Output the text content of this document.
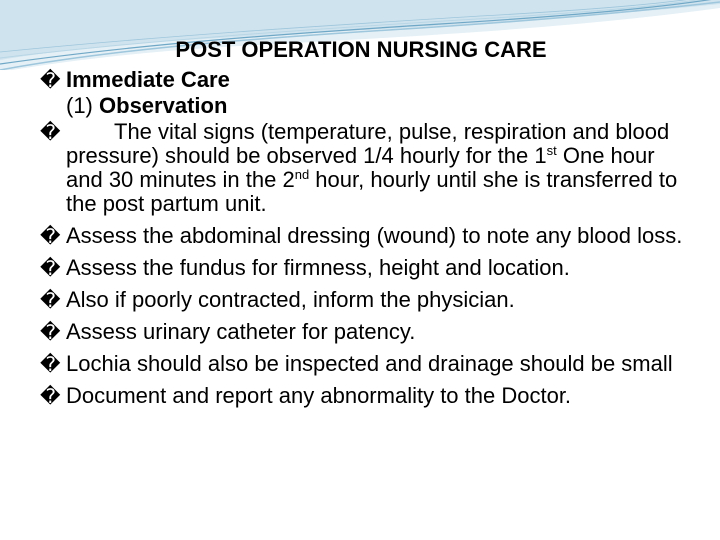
POST OPERATION NURSING CARE
� Immediate Care
(1) Observation
� The vital signs (temperature, pulse, respiration and blood pressure) should be observed 1/4 hourly for the 1st One hour and 30 minutes in the 2nd hour, hourly until she is transferred to the post partum unit.
� Assess the abdominal dressing (wound) to note any blood loss.
� Assess the fundus for firmness, height and location.
� Also if poorly contracted, inform the physician.
� Assess urinary catheter for patency.
� Lochia should also be inspected and drainage should be small
� Document and report any abnormality to the Doctor.
